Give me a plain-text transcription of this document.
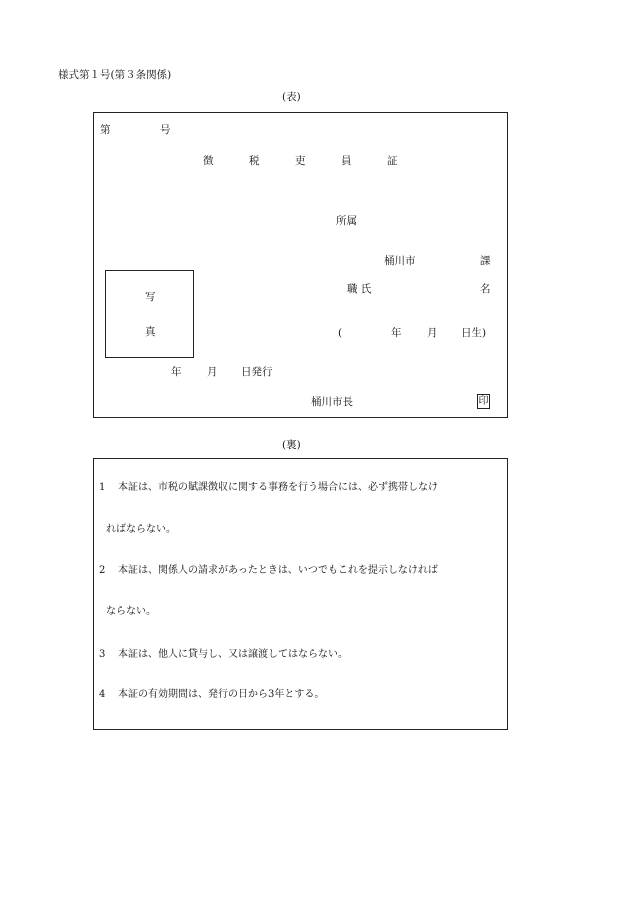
様式第１号(第３条関係)
(表)
第	号
徴	税	吏	員	証
所属
桶川市	課
職 氏	名
(	年 月 日生)
写
真
年 月 日発行
桶川市長	印
(裏)
1 本証は、市税の賦課徴収に関する事務を行う場合には、必ず携帯しなけ
ればならない。
2 本証は、関係人の請求があったときは、いつでもこれを提示しなければ
ならない。
3 本証は、他人に貸与し、又は譲渡してはならない。
4 本証の有効期間は、発行の日から3年とする。
